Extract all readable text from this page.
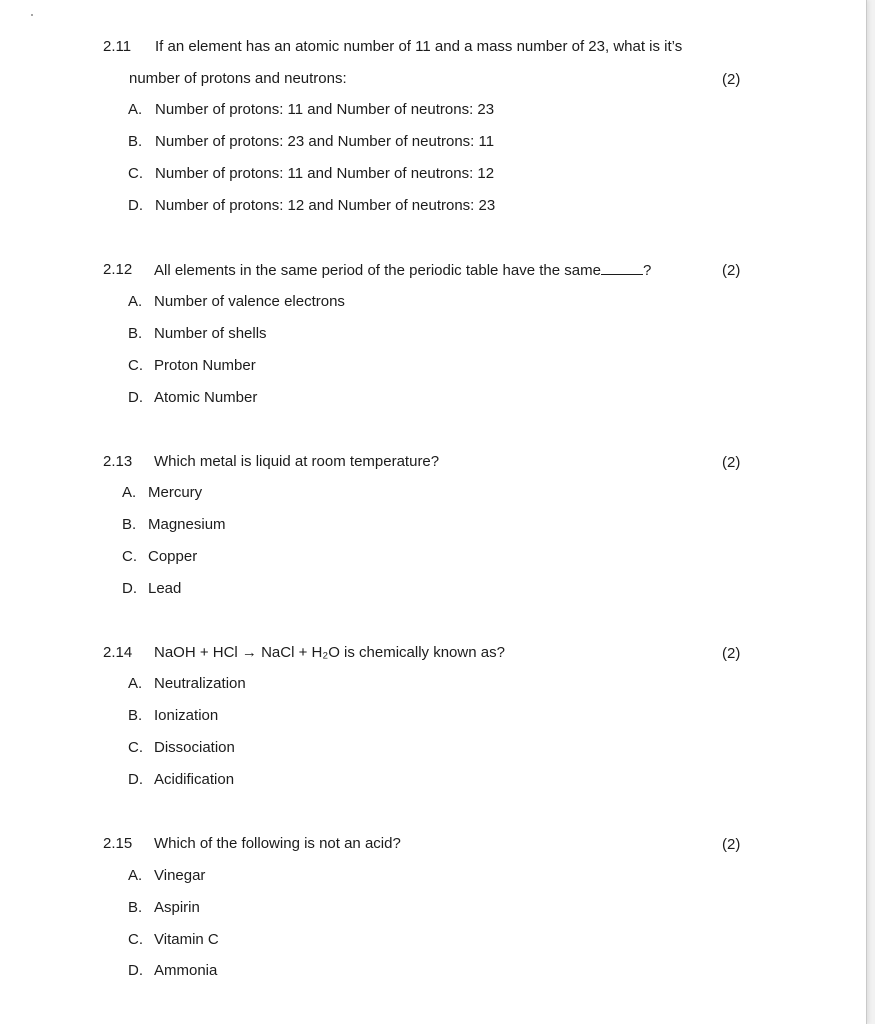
2.11 If an element has an atomic number of 11 and a mass number of 23, what is it’s
number of protons and neutrons:	(2)
A. Number of protons: 11 and Number of neutrons: 23
B. Number of protons: 23 and Number of neutrons: 11
C. Number of protons: 11 and Number of neutrons: 12
D. Number of protons: 12 and Number of neutrons: 23
2.12 All elements in the same period of the periodic table have the same	?	(2)
A. Number of valence electrons
B. Number of shells
C. Proton Number
D. Atomic Number
2.13 Which metal is liquid at room temperature?	(2)
A. Mercury
B. Magnesium
C. Copper
D. Lead
2.14 NaOH + HCl → NaCl + H₂O is chemically known as?	(2)
A. Neutralization
B. Ionization
C. Dissociation
D. Acidification
2.15 Which of the following is not an acid?	(2)
A. Vinegar
B. Aspirin
C. Vitamin C
D. Ammonia
